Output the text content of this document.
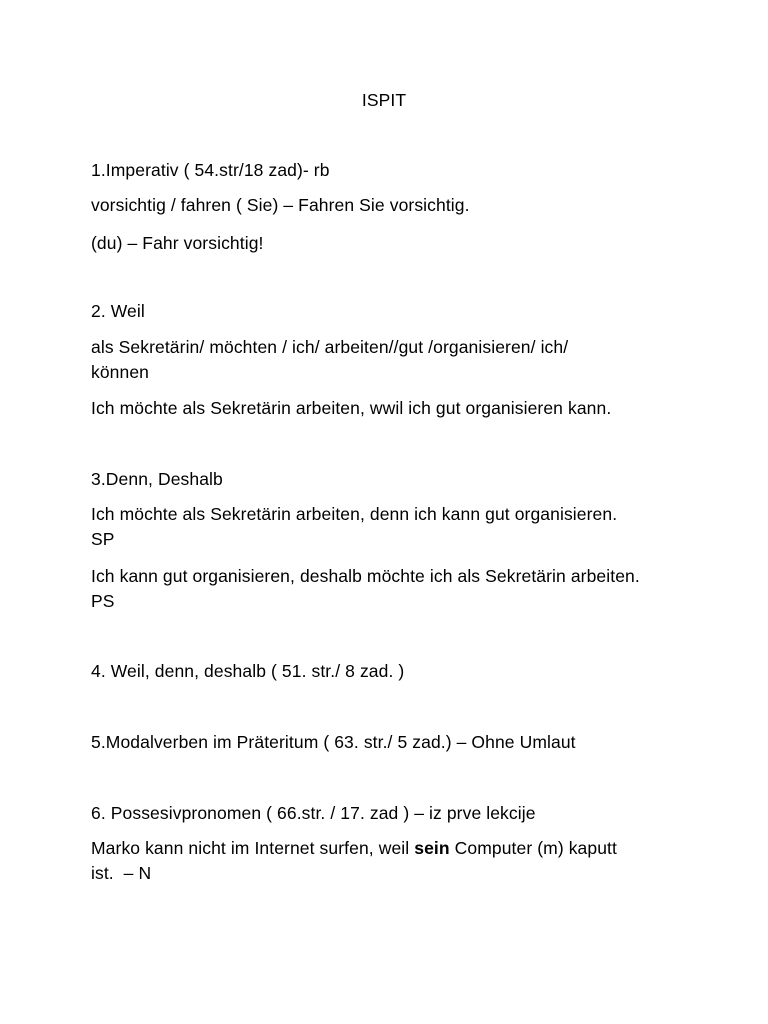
ISPIT
1.Imperativ ( 54.str/18 zad)- rb
vorsichtig / fahren ( Sie) – Fahren Sie vorsichtig.
(du) – Fahr vorsichtig!
2. Weil
als Sekretärin/ möchten / ich/ arbeiten//gut /organisieren/ ich/
können
Ich möchte als Sekretärin arbeiten, wwil ich gut organisieren kann.
3.Denn, Deshalb
Ich möchte als Sekretärin arbeiten, denn ich kann gut organisieren.
SP
Ich kann gut organisieren, deshalb möchte ich als Sekretärin arbeiten.
PS
4. Weil, denn, deshalb ( 51. str./ 8 zad. )
5.Modalverben im Präteritum ( 63. str./ 5 zad.) – Ohne Umlaut
6. Possesivpronomen ( 66.str. / 17. zad ) – iz prve lekcije
Marko kann nicht im Internet surfen, weil sein Computer (m) kaputt
ist.  – N
